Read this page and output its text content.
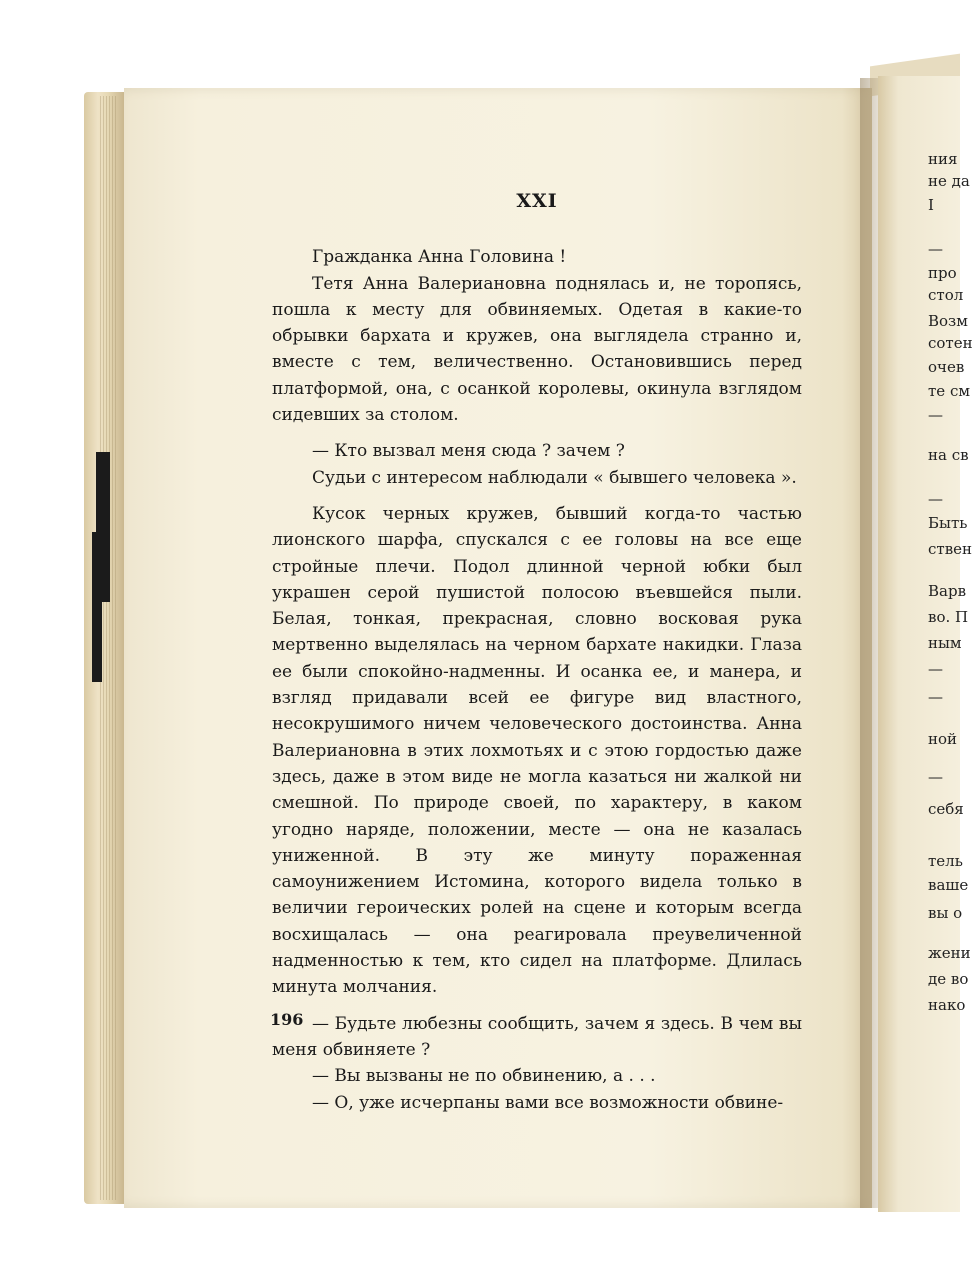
XXI

Гражданка Анна Головина !

Тетя Анна Валериановна поднялась и, не торопясь, пошла к месту для обвиняемых. Одетая в какие-то обрывки бархата и кружев, она выглядела странно и, вместе с тем, величественно. Остановившись перед платформой, она, с осанкой королевы, окинула взглядом сидевших за столом.

— Кто вызвал меня сюда ? зачем ?

Судьи с интересом наблюдали « бывшего человека ».

Кусок черных кружев, бывший когда-то частью лионского шарфа, спускался с ее головы на все еще стройные плечи. Подол длинной черной юбки был украшен серой пушистой полосою въевшейся пыли. Белая, тонкая, прекрасная, словно восковая рука мертвенно выделялась на черном бархате накидки. Глаза ее были спокойно-надменны. И осанка ее, и манера, и взгляд придавали всей ее фигуре вид властного, несокрушимого ничем человеческого достоинства. Анна Валериановна в этих лохмотьях и с этою гордостью даже здесь, даже в этом виде не могла казаться ни жалкой ни смешной. По природе своей, по характеру, в каком угодно наряде, положении, месте — она не казалась униженной. В эту же минуту пораженная самоунижением Истомина, которого видела только в величии героических ролей на сцене и которым всегда восхищалась — она реагировала преувеличенной надменностью к тем, кто сидел на платформе. Длилась минута молчания.

— Будьте любезны сообщить, зачем я здесь. В чем вы меня обвиняете ?

— Вы вызваны не по обвинению, а . . .

— О, уже исчерпаны вами все возможности обвине-

196
ния
не да
I
—
про
стол
Возм
сотен
очев
те см
—
на св
—
Быть
ствен
Варв
во. П
ным
—
—
ной
—
себя
тель
ваше
вы о
жени
де во
нако
